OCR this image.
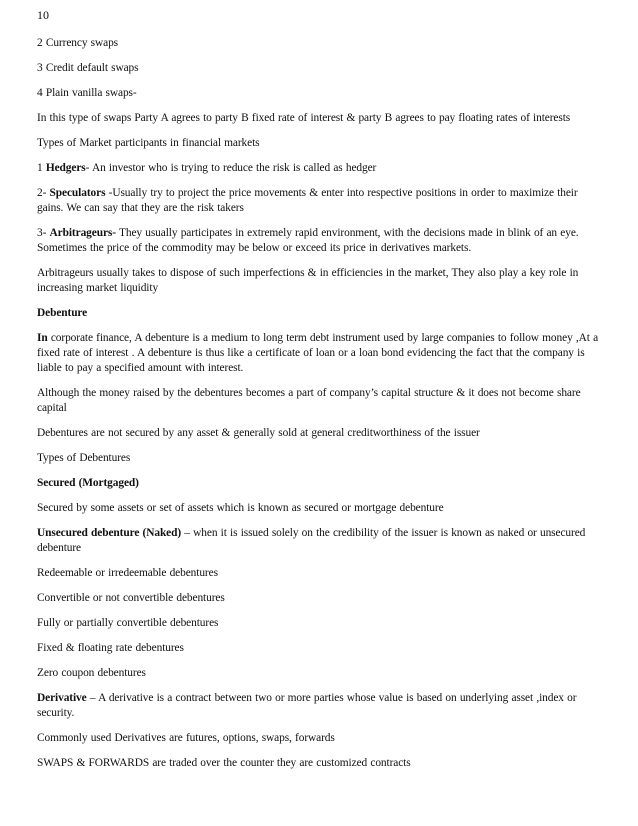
10

2 Currency swaps

3 Credit default swaps

4 Plain vanilla swaps-

In this type of swaps Party A agrees to party B fixed rate of interest & party B agrees to pay floating rates of interests

Types of Market participants in financial markets

1 Hedgers- An investor who is trying to reduce the risk is called as hedger

2- Speculators -Usually try to project the price movements & enter into respective positions in order to maximize their gains. We can say that they are the risk takers

3- Arbitrageurs- They usually participates in extremely rapid environment, with the decisions made in blink of an eye. Sometimes the price of the commodity may be below or exceed its price in derivatives markets.

Arbitrageurs usually takes to dispose of such imperfections & in efficiencies in the market, They also play a key role in increasing market liquidity

Debenture

In corporate finance, A debenture is a medium to long term debt instrument used by large companies to follow money ,At a fixed rate of interest . A debenture is thus like a certificate of loan or a loan bond evidencing the fact that the company is liable to pay a specified amount with interest.

Although the money raised by the debentures becomes a part of company’s capital structure & it does not become share capital

Debentures are not secured by any asset & generally sold at general creditworthiness of the issuer

Types of Debentures

Secured (Mortgaged)

Secured by some assets or set of assets which is known as secured or mortgage debenture

Unsecured debenture (Naked) – when it is issued solely on the credibility of the issuer is known as naked or unsecured debenture

Redeemable or irredeemable debentures

Convertible or not convertible debentures

Fully or partially convertible debentures

Fixed & floating rate debentures

Zero coupon debentures

Derivative – A derivative is a contract between two or more parties whose value is based on underlying asset ,index or security.

Commonly used Derivatives are futures, options, swaps, forwards

SWAPS & FORWARDS are traded over the counter they are customized contracts
